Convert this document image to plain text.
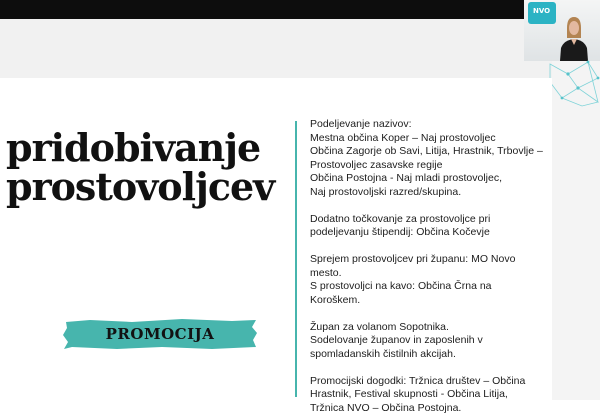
NVO
pridobivanje
prostovoljcev
PROMOCIJA
Podeljevanje nazivov:
Mestna občina Koper – Naj prostovoljec
Občina Zagorje ob Savi, Litija, Hrastnik, Trbovlje –
Prostovoljec zasavske regije
Občina Postojna - Naj mladi prostovoljec,
Naj prostovoljski razred/skupina.
Dodatno točkovanje za prostovoljce pri
podeljevanju štipendij: Občina Kočevje
Sprejem prostovoljcev pri županu: MO Novo
mesto.
S prostovoljci na kavo: Občina Črna na
Koroškem.
Župan za volanom Sopotnika.
Sodelovanje županov in zaposlenih v
spomladanskih čistilnih akcijah.
Promocijski dogodki: Tržnica društev – Občina
Hrastnik, Festival skupnosti - Občina Litija,
Tržnica NVO – Občina Postojna.
